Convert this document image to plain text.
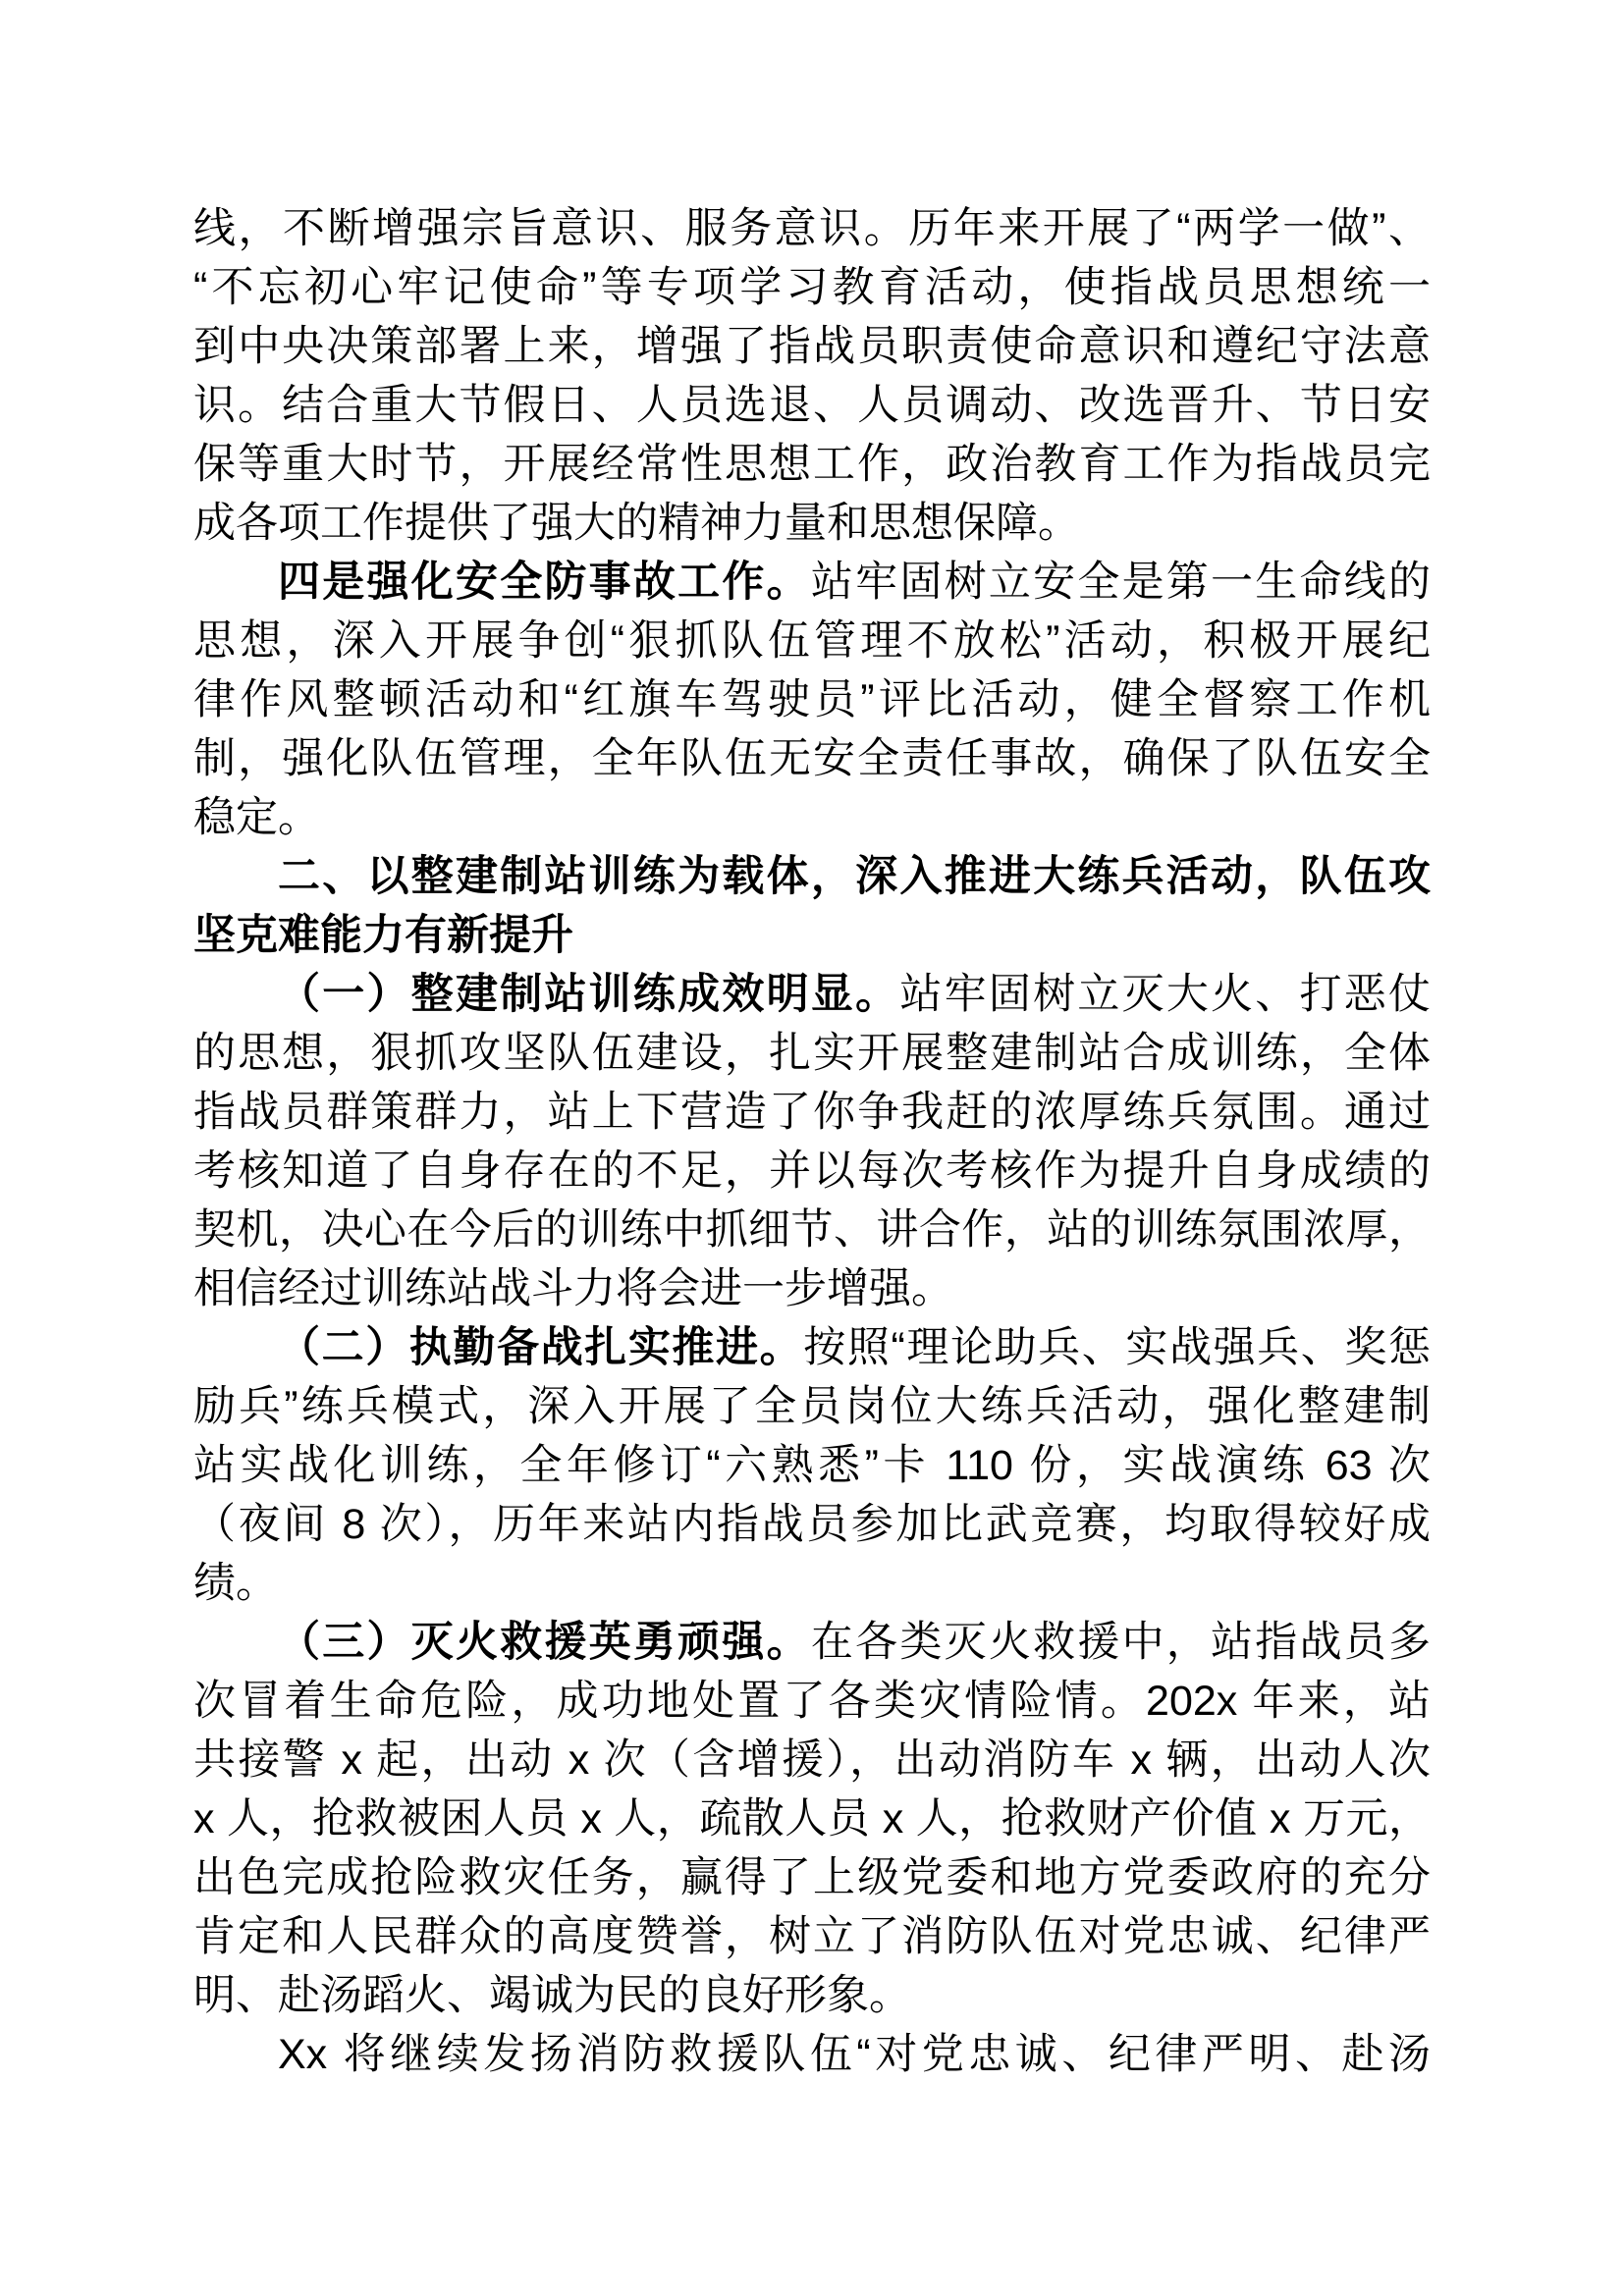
线，不断增强宗旨意识、服务意识。历年来开展了“两学一做”、
“不忘初心牢记使命”等专项学习教育活动，使指战员思想统一
到中央决策部署上来，增强了指战员职责使命意识和遵纪守法意
识。结合重大节假日、人员选退、人员调动、改选晋升、节日安
保等重大时节，开展经常性思想工作，政治教育工作为指战员完
成各项工作提供了强大的精神力量和思想保障。
四是强化安全防事故工作。站牢固树立安全是第一生命线的
思想，深入开展争创“狠抓队伍管理不放松”活动，积极开展纪
律作风整顿活动和“红旗车驾驶员”评比活动，健全督察工作机
制，强化队伍管理，全年队伍无安全责任事故，确保了队伍安全
稳定。
二、以整建制站训练为载体，深入推进大练兵活动，队伍攻
坚克难能力有新提升
（一）整建制站训练成效明显。站牢固树立灭大火、打恶仗
的思想，狠抓攻坚队伍建设，扎实开展整建制站合成训练，全体
指战员群策群力，站上下营造了你争我赶的浓厚练兵氛围。通过
考核知道了自身存在的不足，并以每次考核作为提升自身成绩的
契机，决心在今后的训练中抓细节、讲合作，站的训练氛围浓厚，
相信经过训练站战斗力将会进一步增强。
（二）执勤备战扎实推进。按照“理论助兵、实战强兵、奖惩
励兵”练兵模式，深入开展了全员岗位大练兵活动，强化整建制
站实战化训练，全年修订“六熟悉”卡 110 份，实战演练 63 次
（夜间 8 次），历年来站内指战员参加比武竞赛，均取得较好成
绩。
（三）灭火救援英勇顽强。在各类灭火救援中，站指战员多
次冒着生命危险，成功地处置了各类灾情险情。202x 年来，站
共接警 x 起，出动 x 次（含增援），出动消防车 x 辆，出动人次
x 人，抢救被困人员 x 人，疏散人员 x 人，抢救财产价值 x 万元，
出色完成抢险救灾任务，赢得了上级党委和地方党委政府的充分
肯定和人民群众的高度赞誉，树立了消防队伍对党忠诚、纪律严
明、赴汤蹈火、竭诚为民的良好形象。
Xx 将继续发扬消防救援队伍“对党忠诚、纪律严明、赴汤
